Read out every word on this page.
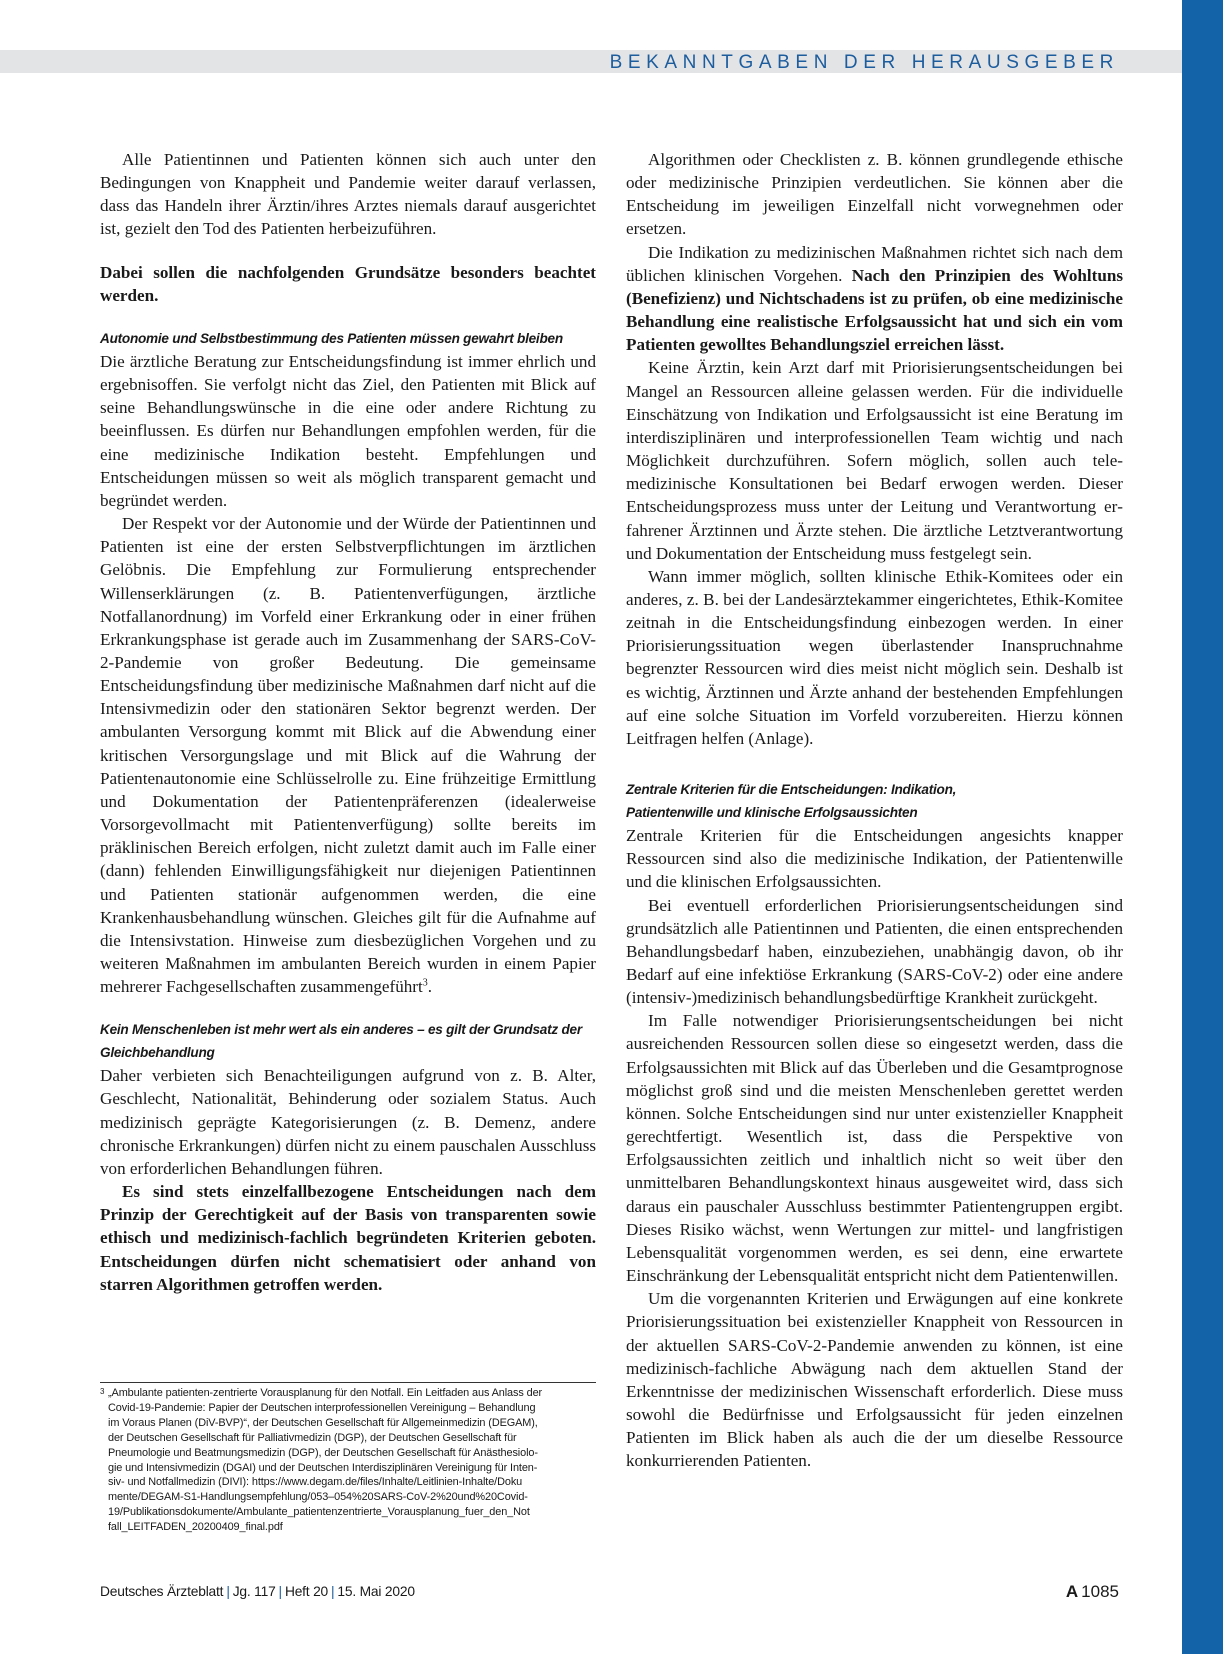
BEKANNTGABEN DER HERAUSGEBER

Alle Patientinnen und Patienten können sich auch unter den Bedingungen von Knappheit und Pandemie weiter darauf verlassen, dass das Handeln ihrer Ärztin/ihres Arztes niemals darauf ausgerichtet ist, gezielt den Tod des Patienten herbeizuführen.

Dabei sollen die nachfolgenden Grundsätze besonders beachtet werden.

Autonomie und Selbstbestimmung des Patienten müssen gewahrt bleiben

Die ärztliche Beratung zur Entscheidungsfindung ist immer ehrlich und ergebnisoffen. Sie verfolgt nicht das Ziel, den Patienten mit Blick auf seine Behandlungswünsche in die eine oder andere Richtung zu beeinflussen. Es dürfen nur Behandlungen empfohlen werden, für die eine medizinische Indikation besteht. Empfehlungen und Entscheidungen müssen so weit als möglich transparent gemacht und begründet werden.

Der Respekt vor der Autonomie und der Würde der Patientinnen und Patienten ist eine der ersten Selbstverpflichtungen im ärztlichen Gelöbnis. Die Empfehlung zur Formulierung entsprechender Willenserklärungen (z. B. Patientenverfügungen, ärztliche Notfallanordnung) im Vorfeld einer Erkrankung oder in einer frühen Erkrankungsphase ist gerade auch im Zusammenhang der SARS-CoV-2-Pandemie von großer Bedeutung. Die gemeinsame Entscheidungsfindung über medizinische Maßnahmen darf nicht auf die Intensivmedizin oder den stationären Sektor begrenzt werden. Der ambulanten Versorgung kommt mit Blick auf die Abwendung einer kritischen Versorgungslage und mit Blick auf die Wahrung der Patientenautonomie eine Schlüsselrolle zu. Eine frühzeitige Ermittlung und Dokumentation der Patientenpräferenzen (idealerweise Vorsorgevollmacht mit Patientenverfügung) sollte bereits im präklinischen Bereich erfolgen, nicht zuletzt damit auch im Falle einer (dann) fehlenden Einwilligungsfähigkeit nur diejenigen Patientinnen und Patienten stationär aufgenommen werden, die eine Krankenhausbehandlung wünschen. Gleiches gilt für die Aufnahme auf die Intensivstation. Hinweise zum diesbezüglichen Vorgehen und zu weiteren Maßnahmen im ambulanten Bereich wurden in einem Papier mehrerer Fachgesellschaften zusammengeführt$^3$.

Kein Menschenleben ist mehr wert als ein anderes – es gilt der Grundsatz der Gleichbehandlung

Daher verbieten sich Benachteiligungen aufgrund von z. B. Alter, Geschlecht, Nationalität, Behinderung oder sozialem Status. Auch medizinisch geprägte Kategorisierungen (z. B. Demenz, andere chronische Erkrankungen) dürfen nicht zu einem pauschalen Ausschluss von erforderlichen Behandlungen führen.

Es sind stets einzelfallbezogene Entscheidungen nach dem Prinzip der Gerechtigkeit auf der Basis von transparenten sowie ethisch und medizinisch-fachlich begründeten Kriterien geboten. Entscheidungen dürfen nicht schematisiert oder anhand von starren Algorithmen getroffen werden.

3 „Ambulante patienten-zentrierte Vorausplanung für den Notfall. Ein Leitfaden aus Anlass der
Covid-19-Pandemie: Papier der Deutschen interprofessionellen Vereinigung – Behandlung
im Voraus Planen (DiV-BVP)“, der Deutschen Gesellschaft für Allgemeinmedizin (DEGAM),
der Deutschen Gesellschaft für Palliativmedizin (DGP), der Deutschen Gesellschaft für
Pneumologie und Beatmungsmedizin (DGP), der Deutschen Gesellschaft für Anästhesiolo-
gie und Intensivmedizin (DGAI) und der Deutschen Interdisziplinären Vereinigung für Inten-
siv- und Notfallmedizin (DIVI): https://www.degam.de/files/Inhalte/Leitlinien-Inhalte/Doku
mente/DEGAM-S1-Handlungsempfehlung/053–054%20SARS-CoV-2%20und%20Covid-
19/Publikationsdokumente/Ambulante_patientenzentrierte_Vorausplanung_fuer_den_Not
fall_LEITFADEN_20200409_final.pdf

Algorithmen oder Checklisten z. B. können grundlegende ethische oder medizinische Prinzipien verdeutlichen. Sie können aber die Entscheidung im jeweiligen Einzelfall nicht vorwegnehmen oder ersetzen.

Die Indikation zu medizinischen Maßnahmen richtet sich nach dem üblichen klinischen Vorgehen. Nach den Prinzipien des Wohltuns (Benefizienz) und Nichtschadens ist zu prüfen, ob eine medizinische Behandlung eine realistische Erfolgsaussicht hat und sich ein vom Patienten gewolltes Behandlungsziel erreichen lässt.

Keine Ärztin, kein Arzt darf mit Priorisierungsentscheidungen bei Mangel an Ressourcen alleine gelassen werden. Für die individuelle Einschätzung von Indikation und Erfolgsaussicht ist eine Beratung im interdisziplinären und interprofessionellen Team wichtig und nach Möglichkeit durchzuführen. Sofern möglich, sollen auch telemedizinische Konsultationen bei Bedarf erwogen werden. Dieser Entscheidungsprozess muss unter der Leitung und Verantwortung erfahrener Ärztinnen und Ärzte stehen. Die ärztliche Letztverantwortung und Dokumentation der Entscheidung muss festgelegt sein.

Wann immer möglich, sollten klinische Ethik-Komitees oder ein anderes, z. B. bei der Landesärztekammer eingerichtetes, Ethik-Komitee zeitnah in die Entscheidungsfindung einbezogen werden. In einer Priorisierungssituation wegen überlastender Inanspruchnahme begrenzter Ressourcen wird dies meist nicht möglich sein. Deshalb ist es wichtig, Ärztinnen und Ärzte anhand der bestehenden Empfehlungen auf eine solche Situation im Vorfeld vorzubereiten. Hierzu können Leitfragen helfen (Anlage).

Zentrale Kriterien für die Entscheidungen: Indikation,
Patientenwille und klinische Erfolgsaussichten

Zentrale Kriterien für die Entscheidungen angesichts knapper Ressourcen sind also die medizinische Indikation, der Patientenwille und die klinischen Erfolgsaussichten.

Bei eventuell erforderlichen Priorisierungsentscheidungen sind grundsätzlich alle Patientinnen und Patienten, die einen entsprechenden Behandlungsbedarf haben, einzubeziehen, unabhängig davon, ob ihr Bedarf auf eine infektiöse Erkrankung (SARS-CoV-2) oder eine andere (intensiv-)medizinisch behandlungsbedürftige Krankheit zurückgeht.

Im Falle notwendiger Priorisierungsentscheidungen bei nicht ausreichenden Ressourcen sollen diese so eingesetzt werden, dass die Erfolgsaussichten mit Blick auf das Überleben und die Gesamtprognose möglichst groß sind und die meisten Menschenleben gerettet werden können. Solche Entscheidungen sind nur unter existenzieller Knappheit gerechtfertigt. Wesentlich ist, dass die Perspektive von Erfolgsaussichten zeitlich und inhaltlich nicht so weit über den unmittelbaren Behandlungskontext hinaus ausgeweitet wird, dass sich daraus ein pauschaler Ausschluss bestimmter Patientengruppen ergibt. Dieses Risiko wächst, wenn Wertungen zur mittel- und langfristigen Lebensqualität vorgenommen werden, es sei denn, eine erwartete Einschränkung der Lebensqualität entspricht nicht dem Patientenwillen.

Um die vorgenannten Kriterien und Erwägungen auf eine konkrete Priorisierungssituation bei existenzieller Knappheit von Ressourcen in der aktuellen SARS-CoV-2-Pandemie anwenden zu können, ist eine medizinisch-fachliche Abwägung nach dem aktuellen Stand der Erkenntnisse der medizinischen Wissenschaft erforderlich. Diese muss sowohl die Bedürfnisse und Erfolgsaussicht für jeden einzelnen Patienten im Blick haben als auch die der um dieselbe Ressource konkurrierenden Patienten.

Deutsches Ärzteblatt | Jg. 117 | Heft 20 | 15. Mai 2020	A 1085
